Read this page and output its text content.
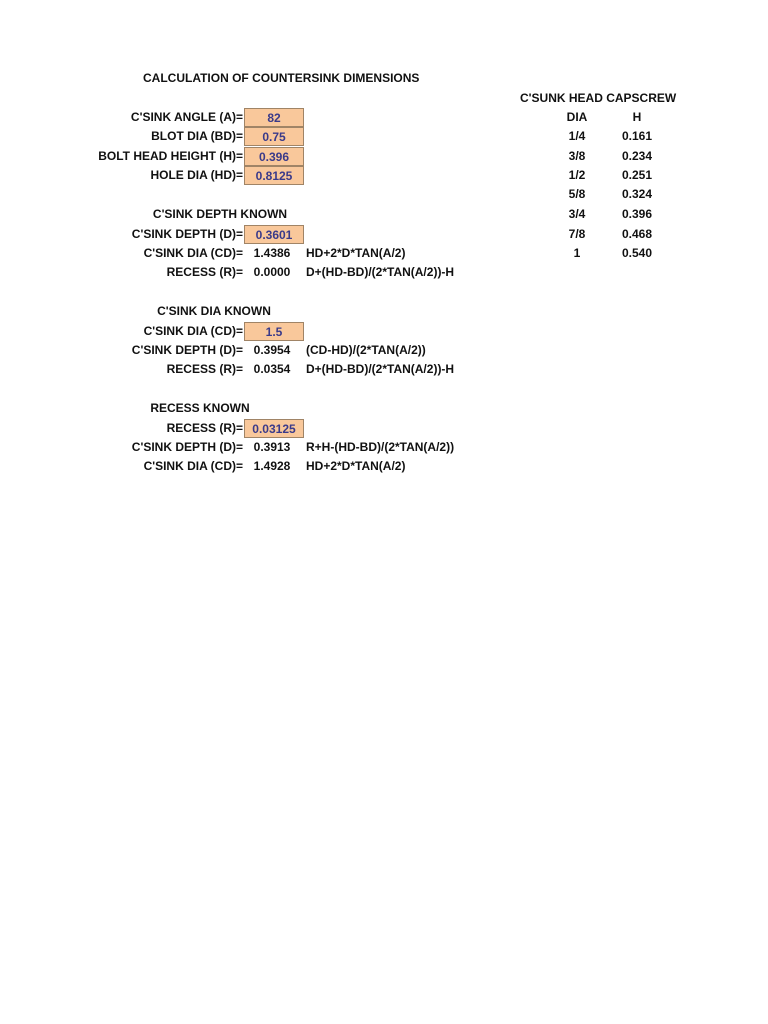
CALCULATION OF COUNTERSINK DIMENSIONS
C'SINK ANGLE (A)=	82
BLOT DIA (BD)=	0.75
BOLT HEAD HEIGHT (H)=	0.396
HOLE DIA (HD)=	0.8125
C'SINK DEPTH KNOWN
C'SINK DEPTH (D)=	0.3601
C'SINK DIA (CD)= 1.4386	HD+2*D*TAN(A/2)
RECESS (R)= 0.0000	D+(HD-BD)/(2*TAN(A/2))-H
C'SINK DIA KNOWN
C'SINK DIA (CD)=	1.5
C'SINK DEPTH (D)= 0.3954	(CD-HD)/(2*TAN(A/2))
RECESS (R)= 0.0354	D+(HD-BD)/(2*TAN(A/2))-H
RECESS KNOWN
RECESS (R)= 0.03125
C'SINK DEPTH (D)= 0.3913	R+H-(HD-BD)/(2*TAN(A/2))
C'SINK DIA (CD)= 1.4928	HD+2*D*TAN(A/2)
C'SUNK HEAD CAPSCREW
DIA	H
1/4	0.161
3/8	0.234
1/2	0.251
5/8	0.324
3/4	0.396
7/8	0.468
1	0.540
